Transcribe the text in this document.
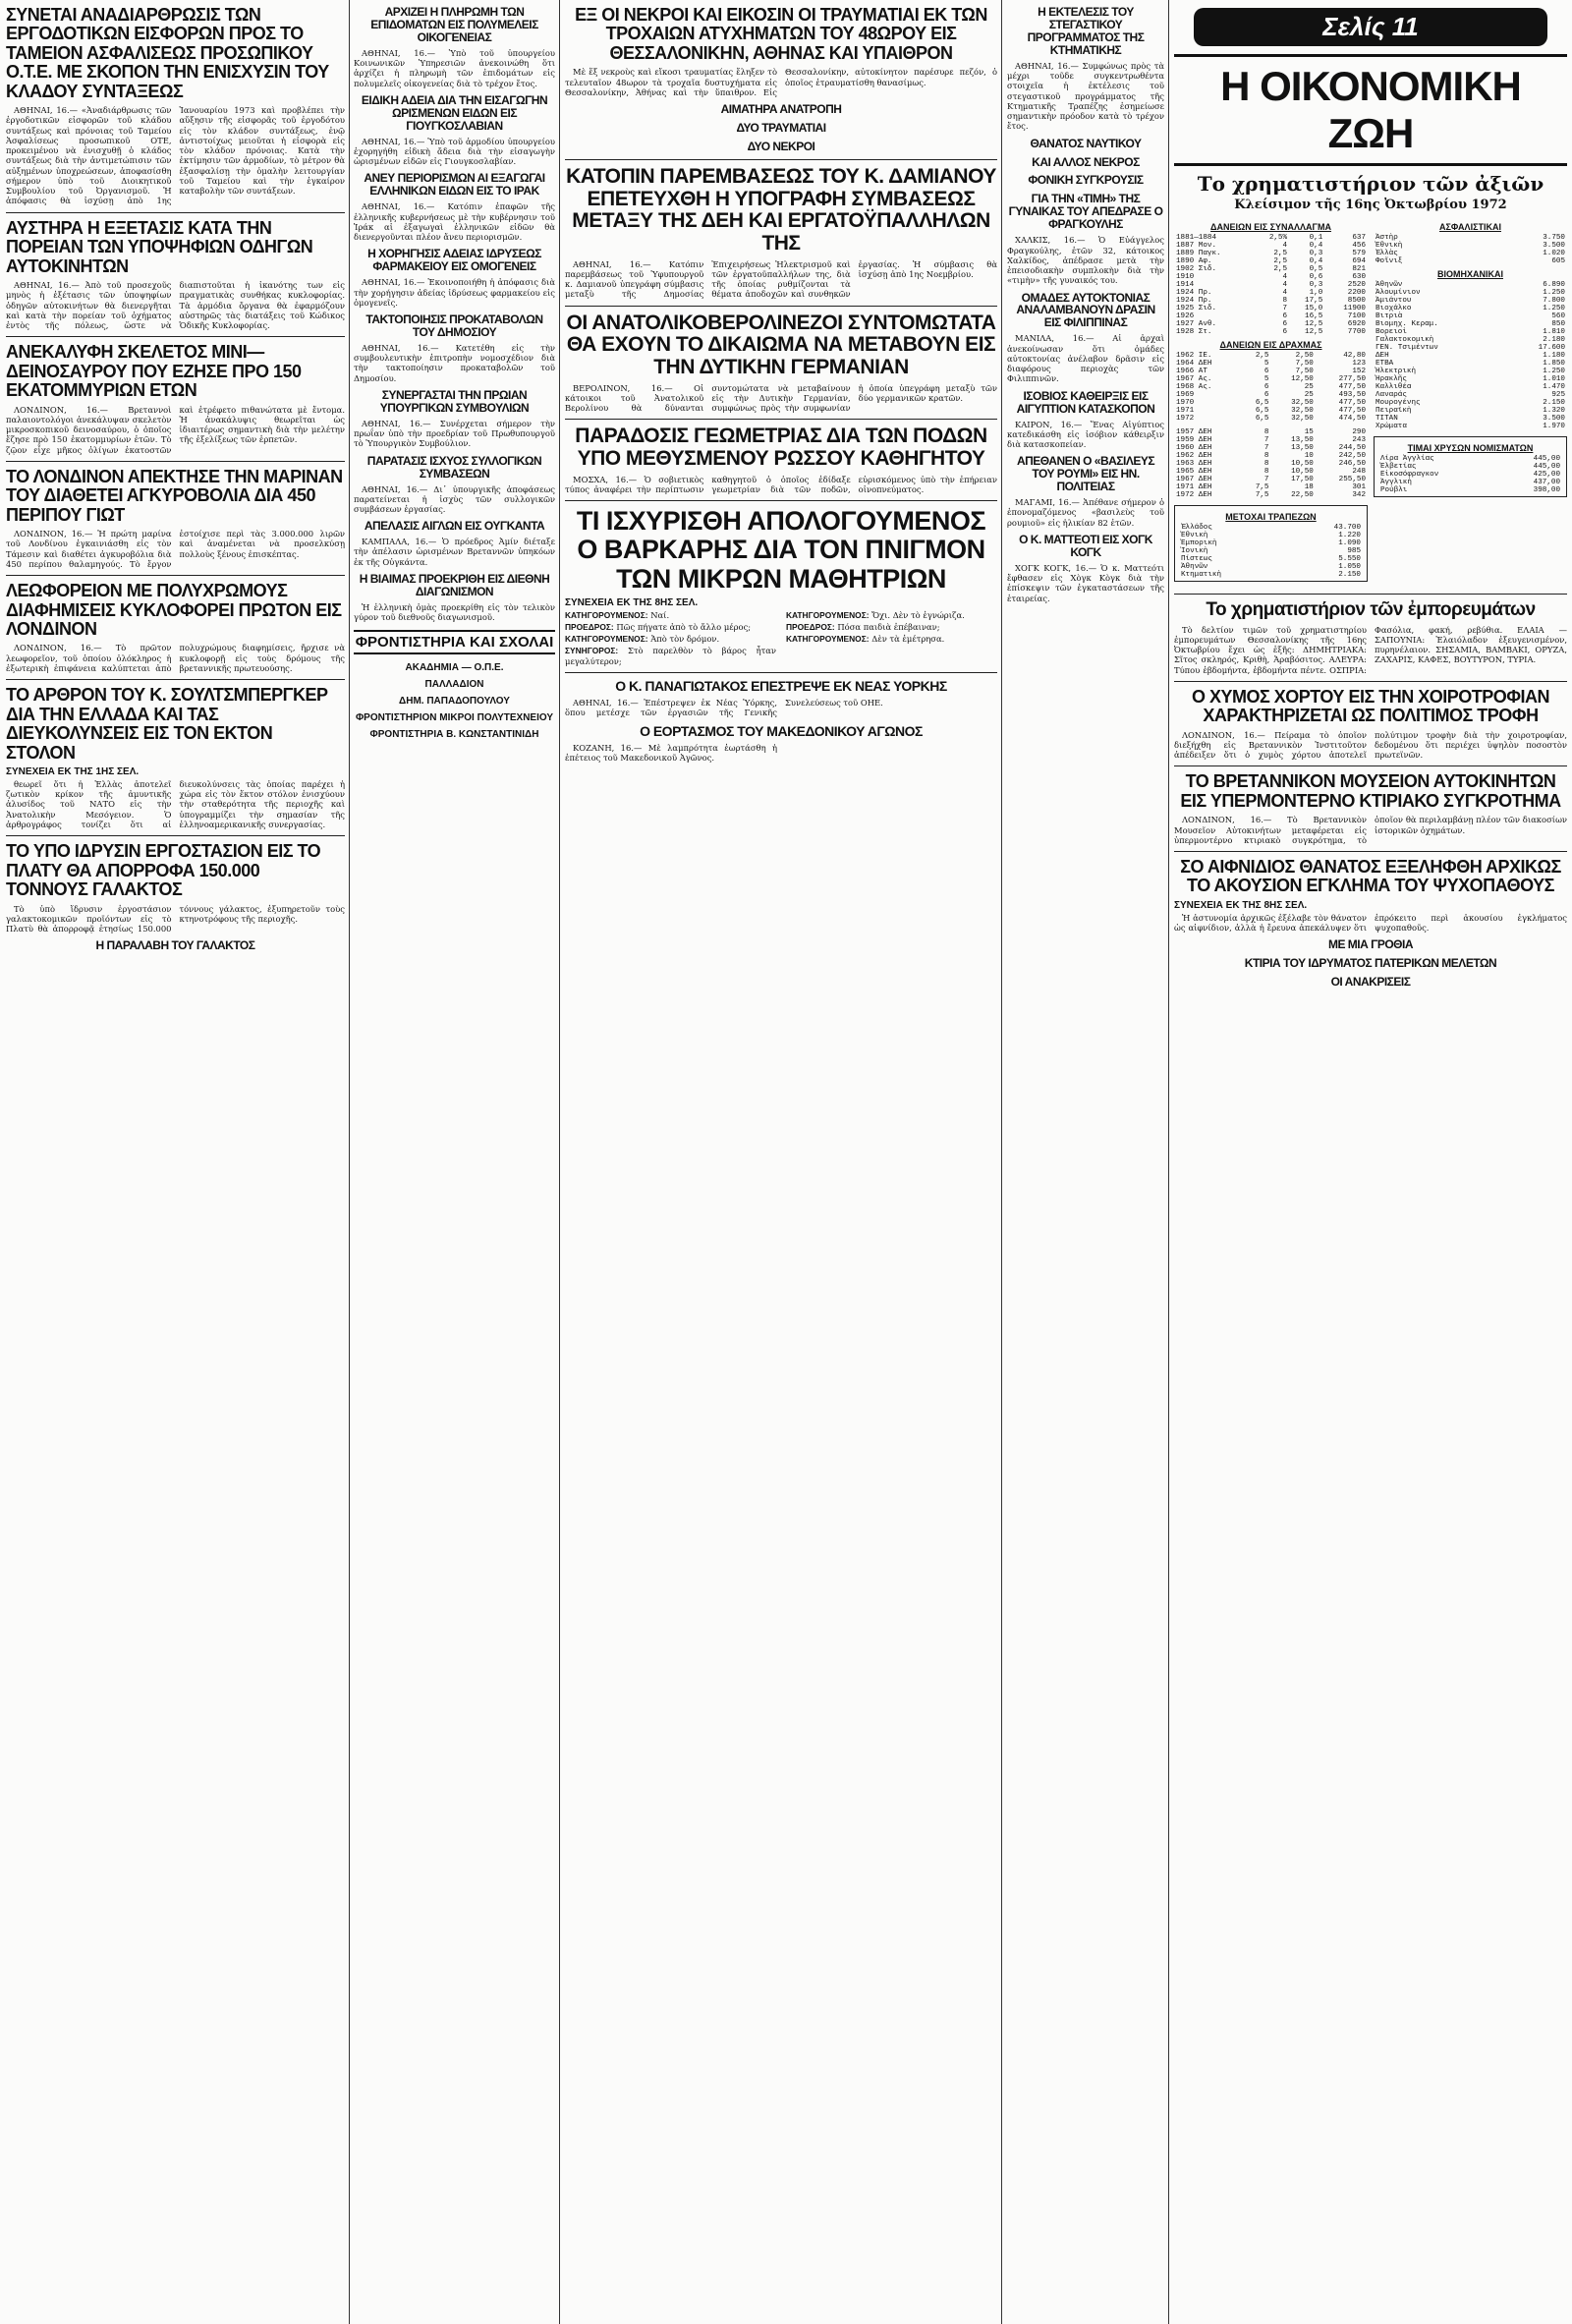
ΣΥΝΕΤΑΙ ΑΝΑΔΙΑΡΘΡΩΣΙΣ ΤΩΝ ΕΡΓΟΔΟΤΙΚΩΝ ΕΙΣΦΟΡΩΝ ΠΡΟΣ ΤΟ ΤΑΜΕΙΟΝ ΑΣΦΑΛΙΣΕΩΣ ΠΡΟΣΩΠΙΚΟΥ Ο.Τ.Ε. ΜΕ ΣΚΟΠΟΝ ΤΗΝ ΕΝΙΣΧΥΣΙΝ ΤΟΥ ΚΛΑΔΟΥ ΣΥΝΤΑΞΕΩΣ

ΑΘΗΝΑΙ, 16.— «Ἀναδιάρθρωσις τῶν ἐργοδοτικῶν εἰσφορῶν τοῦ κλάδου συντάξεως καὶ πρόνοιας τοῦ Ταμείου Ἀσφαλίσεως προσωπικοῦ ΟΤΕ, προκειμένου νὰ ἐνισχυθῇ ὁ κλάδος συντάξεως διὰ τὴν ἀντιμετώπισιν τῶν αὐξημένων ὑποχρεώσεων, ἀποφασίσθη σήμερον ὑπὸ τοῦ Διοικητικοῦ Συμβουλίου τοῦ Ὀργανισμοῦ. Ἡ ἀπόφασις θὰ ἰσχύσῃ ἀπὸ 1ης Ἰανουαρίου 1973 καὶ προβλέπει τὴν αὔξησιν τῆς εἰσφορᾶς τοῦ ἐργοδότου εἰς τὸν κλάδον συντάξεως, ἐνῷ ἀντιστοίχως μειοῦται ἡ εἰσφορὰ εἰς τὸν κλάδον πρόνοιας. Κατὰ τὴν ἐκτίμησιν τῶν ἁρμοδίων, τὸ μέτρον θὰ ἐξασφαλίσῃ τὴν ὁμαλὴν λειτουργίαν τοῦ Ταμείου καὶ τὴν ἐγκαίρον καταβολὴν τῶν συντάξεων.

ΑΥΣΤΗΡΑ Η ΕΞΕΤΑΣΙΣ ΚΑΤΑ ΤΗΝ ΠΟΡΕΙΑΝ ΤΩΝ ΥΠΟΨΗΦΙΩΝ ΟΔΗΓΩΝ ΑΥΤΟΚΙΝΗΤΩΝ

ΑΘΗΝΑΙ, 16.— Ἀπὸ τοῦ προσεχοῦς μηνὸς ἡ ἐξέτασις τῶν ὑποψηφίων ὁδηγῶν αὐτοκινήτων θὰ διενεργῆται καὶ κατὰ τὴν πορείαν τοῦ ὀχήματος ἐντὸς τῆς πόλεως, ὥστε νὰ διαπιστοῦται ἡ ἱκανότης των εἰς πραγματικὰς συνθήκας κυκλοφορίας. Τὰ ἀρμόδια ὄργανα θὰ ἐφαρμόζουν αὐστηρῶς τὰς διατάξεις τοῦ Κώδικος Ὁδικῆς Κυκλοφορίας.

ΑΝΕΚΑΛΥΦΗ ΣΚΕΛΕΤΟΣ ΜΙΝΙ—ΔΕΙΝΟΣΑΥΡΟΥ ΠΟΥ ΕΖΗΣΕ ΠΡΟ 150 ΕΚΑΤΟΜΜΥΡΙΩΝ ΕΤΩΝ

ΛΟΝΔΙΝΟΝ, 16.— Βρεταννοὶ παλαιοντολόγοι ἀνεκάλυψαν σκελετὸν μικροσκοπικοῦ δεινοσαύρου, ὁ ὁποῖος ἔζησε πρὸ 150 ἑκατομμυρίων ἐτῶν. Τὸ ζῷον εἶχε μῆκος ὀλίγων ἑκατοστῶν καὶ ἐτρέφετο πιθανώτατα μὲ ἔντομα. Ἡ ἀνακάλυψις θεωρεῖται ὡς ἰδιαιτέρως σημαντικὴ διὰ τὴν μελέτην τῆς ἐξελίξεως τῶν ἑρπετῶν.

ΤΟ ΛΟΝΔΙΝΟΝ ΑΠΕΚΤΗΣΕ ΤΗΝ ΜΑΡΙΝΑΝ ΤΟΥ ΔΙΑΘΕΤΕΙ ΑΓΚΥΡΟΒΟΛΙΑ ΔΙΑ 450 ΠΕΡΙΠΟΥ ΓΙΩΤ

ΛΟΝΔΙΝΟΝ, 16.— Ἡ πρώτη μαρίνα τοῦ Λονδίνου ἐγκαινιάσθη εἰς τὸν Τάμεσιν καὶ διαθέτει ἀγκυροβόλια διὰ 450 περίπου θαλαμηγούς. Τὸ ἔργον ἐστοίχισε περὶ τὰς 3.000.000 λιρῶν καὶ ἀναμένεται νὰ προσελκύσῃ πολλοὺς ξένους ἐπισκέπτας.

ΛΕΩΦΟΡΕΙΟΝ ΜΕ ΠΟΛΥΧΡΩΜΟΥΣ ΔΙΑΦΗΜΙΣΕΙΣ ΚΥΚΛΟΦΟΡΕΙ ΠΡΩΤΟΝ ΕΙΣ ΛΟΝΔΙΝΟΝ

ΛΟΝΔΙΝΟΝ, 16.— Τὸ πρῶτον λεωφορεῖον, τοῦ ὁποίου ὁλόκληρος ἡ ἐξωτερικὴ ἐπιφάνεια καλύπτεται ἀπὸ πολυχρώμους διαφημίσεις, ἤρχισε νὰ κυκλοφορῇ εἰς τοὺς δρόμους τῆς βρεταννικῆς πρωτευούσης.

ΤΟ ΑΡΘΡΟΝ ΤΟΥ Κ. ΣΟΥΛΤΣΜΠΕΡΓΚΕΡ ΔΙΑ ΤΗΝ ΕΛΛΑΔΑ ΚΑΙ ΤΑΣ ΔΙΕΥΚΟΛΥΝΣΕΙΣ ΕΙΣ ΤΟΝ ΕΚΤΟΝ ΣΤΟΛΟΝ
ΣΥΝΕΧΕΙΑ ΕΚ ΤΗΣ 1ΗΣ ΣΕΛ.

θεωρεῖ ὅτι ἡ Ἑλλὰς ἀποτελεῖ ζωτικὸν κρίκον τῆς ἀμυντικῆς ἀλυσίδος τοῦ ΝΑΤΟ εἰς τὴν Ἀνατολικὴν Μεσόγειον. Ὁ ἀρθρογράφος τονίζει ὅτι αἱ διευκολύνσεις τὰς ὁποίας παρέχει ἡ χώρα εἰς τὸν ἕκτον στόλον ἐνισχύουν τὴν σταθερότητα τῆς περιοχῆς καὶ ὑπογραμμίζει τὴν σημασίαν τῆς ἑλληνοαμερικανικῆς συνεργασίας.

ΤΟ ΥΠΟ ΙΔΡΥΣΙΝ ΕΡΓΟΣΤΑΣΙΟΝ ΕΙΣ ΤΟ ΠΛΑΤΥ ΘΑ ΑΠΟΡΡΟΦΑ 150.000 ΤΟΝΝΟΥΣ ΓΑΛΑΚΤΟΣ

Τὸ ὑπὸ ἵδρυσιν ἐργοστάσιον γαλακτοκομικῶν προϊόντων εἰς τὸ Πλατὺ θὰ ἀπορροφᾷ ἐτησίως 150.000 τόννους γάλακτος, ἐξυπηρετοῦν τοὺς κτηνοτρόφους τῆς περιοχῆς.

Η ΠΑΡΑΛΑΒΗ ΤΟΥ ΓΑΛΑΚΤΟΣ
ΑΡΧΙΖΕΙ Η ΠΛΗΡΩΜΗ ΤΩΝ ΕΠΙΔΟΜΑΤΩΝ ΕΙΣ ΠΟΛΥΜΕΛΕΙΣ ΟΙΚΟΓΕΝΕΙΑΣ

ΑΘΗΝΑΙ, 16.— Ὑπὸ τοῦ ὑπουργείου Κοινωνικῶν Ὑπηρεσιῶν ἀνεκοινώθη ὅτι ἀρχίζει ἡ πληρωμὴ τῶν ἐπιδομάτων εἰς πολυμελεῖς οἰκογενείας διὰ τὸ τρέχον ἔτος.

ΕΙΔΙΚΗ ΑΔΕΙΑ ΔΙΑ ΤΗΝ ΕΙΣΑΓΩΓΗΝ ΩΡΙΣΜΕΝΩΝ ΕΙΔΩΝ ΕΙΣ ΓΙΟΥΓΚΟΣΛΑΒΙΑΝ

ΑΘΗΝΑΙ, 16.— Ὑπὸ τοῦ ἀρμοδίου ὑπουργείου ἐχορηγήθη εἰδικὴ ἄδεια διὰ τὴν εἰσαγωγὴν ὡρισμένων εἰδῶν εἰς Γιουγκοσλαβίαν.

ΑΝΕΥ ΠΕΡΙΟΡΙΣΜΩΝ ΑΙ ΕΞΑΓΩΓΑΙ ΕΛΛΗΝΙΚΩΝ ΕΙΔΩΝ ΕΙΣ ΤΟ ΙΡΑΚ

ΑΘΗΝΑΙ, 16.— Κατόπιν ἐπαφῶν τῆς ἑλληνικῆς κυβερνήσεως μὲ τὴν κυβέρνησιν τοῦ Ἰράκ αἱ ἐξαγωγαὶ ἑλληνικῶν εἰδῶν θὰ διενεργοῦνται πλέον ἄνευ περιορισμῶν.

Η ΧΟΡΗΓΗΣΙΣ ΑΔΕΙΑΣ ΙΔΡΥΣΕΩΣ ΦΑΡΜΑΚΕΙΟΥ ΕΙΣ ΟΜΟΓΕΝΕΙΣ

ΑΘΗΝΑΙ, 16.— Ἐκοινοποιήθη ἡ ἀπόφασις διὰ τὴν χορήγησιν ἀδείας ἱδρύσεως φαρμακείου εἰς ὁμογενεῖς.

ΤΑΚΤΟΠΟΙΗΣΙΣ ΠΡΟΚΑΤΑΒΟΛΩΝ ΤΟΥ ΔΗΜΟΣΙΟΥ

ΑΘΗΝΑΙ, 16.— Κατετέθη εἰς τὴν συμβουλευτικὴν ἐπιτροπὴν νομοσχέδιον διὰ τὴν τακτοποίησιν προκαταβολῶν τοῦ Δημοσίου.

ΣΥΝΕΡΓΑΣΤΑΙ ΤΗΝ ΠΡΩΙΑΝ ΥΠΟΥΡΓΙΚΩΝ ΣΥΜΒΟΥΛΙΩΝ

ΑΘΗΝΑΙ, 16.— Συνέρχεται σήμερον τὴν πρωΐαν ὑπὸ τὴν προεδρίαν τοῦ Πρωθυπουργοῦ τὸ Ὑπουργικὸν Συμβούλιον.

ΠΑΡΑΤΑΣΙΣ ΙΣΧΥΟΣ ΣΥΛΛΟΓΙΚΩΝ ΣΥΜΒΑΣΕΩΝ

ΑΘΗΝΑΙ, 16.— Δι᾽ ὑπουργικῆς ἀποφάσεως παρατείνεται ἡ ἰσχὺς τῶν συλλογικῶν συμβάσεων ἐργασίας.

ΑΠΕΛΑΣΙΣ ΑΙΓΛΩΝ ΕΙΣ ΟΥΓΚΑΝΤΑ

ΚΑΜΠΑΛΑ, 16.— Ὁ πρόεδρος Ἀμίν διέταξε τὴν ἀπέλασιν ὡρισμένων Βρεταννῶν ὑπηκόων ἐκ τῆς Οὐγκάντα.

Η ΒΙΑΙΜΑΣ ΠΡΟΕΚΡΙΘΗ ΕΙΣ ΔΙΕΘΝΗ ΔΙΑΓΩΝΙΣΜΟΝ

Ἡ ἑλληνικὴ ὁμὰς προεκρίθη εἰς τὸν τελικὸν γύρον τοῦ διεθνοῦς διαγωνισμοῦ.

ΦΡΟΝΤΙΣΤΗΡΙΑ ΚΑΙ ΣΧΟΛΑΙ
ΑΚΑΔΗΜΙΑ — Ο.Π.Ε.
ΠΑΛΛΑΔΙΟΝ
ΔΗΜ. ΠΑΠΑΔΟΠΟΥΛΟΥ
ΦΡΟΝΤΙΣΤΗΡΙΟΝ ΜΙΚΡΟΙ ΠΟΛΥΤΕΧΝΕΙΟΥ
ΦΡΟΝΤΙΣΤΗΡΙΑ Β. ΚΩΝΣΤΑΝΤΙΝΙΔΗ
ΕΞ ΟΙ ΝΕΚΡΟΙ ΚΑΙ ΕΙΚΟΣΙΝ ΟΙ ΤΡΑΥΜΑΤΙΑΙ ΕΚ ΤΩΝ ΤΡΟΧΑΙΩΝ ΑΤΥΧΗΜΑΤΩΝ ΤΟΥ 48ΩΡΟΥ ΕΙΣ ΘΕΣΣΑΛΟΝΙΚΗΝ, ΑΘΗΝΑΣ ΚΑΙ ΥΠΑΙΘΡΟΝ

Μὲ ἕξ νεκροὺς καὶ εἴκοσι τραυματίας ἔληξεν τὸ τελευταῖον 48ωρον τὰ τροχαῖα δυστυχήματα εἰς Θεσσαλονίκην, Ἀθήνας καὶ τὴν ὕπαιθρον. Εἰς Θεσσαλονίκην, αὐτοκίνητον παρέσυρε πεζόν, ὁ ὁποῖος ἐτραυματίσθη θανασίμως.

ΑΙΜΑΤΗΡΑ ΑΝΑΤΡΟΠΗ
ΔΥΟ ΤΡΑΥΜΑΤΙΑΙ
ΔΥΟ ΝΕΚΡΟΙ
ΚΑΤΟΠΙΝ ΠΑΡΕΜΒΑΣΕΩΣ ΤΟΥ Κ. ΔΑΜΙΑΝΟΥ ΕΠΕΤΕΥΧΘΗ Η ΥΠΟΓΡΑΦΗ ΣΥΜΒΑΣΕΩΣ ΜΕΤΑΞΥ ΤΗΣ ΔΕΗ ΚΑΙ ΕΡΓΑΤΟΫΠΑΛΛΗΛΩΝ ΤΗΣ

ΑΘΗΝΑΙ, 16.— Κατόπιν παρεμβάσεως τοῦ Ὑφυπουργοῦ κ. Δαμιανοῦ ὑπεγράφη σύμβασις μεταξὺ τῆς Δημοσίας Ἐπιχειρήσεως Ἠλεκτρισμοῦ καὶ τῶν ἐργατοϋπαλλήλων της, διὰ τῆς ὁποίας ρυθμίζονται τὰ θέματα ἀποδοχῶν καὶ συνθηκῶν ἐργασίας. Ἡ σύμβασις θὰ ἰσχύσῃ ἀπὸ 1ης Νοεμβρίου.

ΟΙ ΑΝΑΤΟΛΙΚΟΒΕΡΟΛΙΝΕΖΟΙ ΣΥΝΤΟΜΩΤΑΤΑ ΘΑ ΕΧΟΥΝ ΤΟ ΔΙΚΑΙΩΜΑ ΝΑ ΜΕΤΑΒΟΥΝ ΕΙΣ ΤΗΝ ΔΥΤΙΚΗΝ ΓΕΡΜΑΝΙΑΝ

ΒΕΡΟΛΙΝΟΝ, 16.— Οἱ κάτοικοι τοῦ Ἀνατολικοῦ Βερολίνου θὰ δύνανται συντομώτατα νὰ μεταβαίνουν εἰς τὴν Δυτικὴν Γερμανίαν, συμφώνως πρὸς τὴν συμφωνίαν ἡ ὁποία ὑπεγράφη μεταξὺ τῶν δύο γερμανικῶν κρατῶν.

ΠΑΡΑΔΟΣΙΣ ΓΕΩΜΕΤΡΙΑΣ ΔΙΑ ΤΩΝ ΠΟΔΩΝ ΥΠΟ ΜΕΘΥΣΜΕΝΟΥ ΡΩΣΣΟΥ ΚΑΘΗΓΗΤΟΥ

ΜΟΣΧΑ, 16.— Ὁ σοβιετικὸς τύπος ἀναφέρει τὴν περίπτωσιν καθηγητοῦ ὁ ὁποῖος ἐδίδαξε γεωμετρίαν διὰ τῶν ποδῶν, εὑρισκόμενος ὑπὸ τὴν ἐπήρειαν οἰνοπνεύματος.

ΤΙ ΙΣΧΥΡΙΣΘΗ ΑΠΟΛΟΓΟΥΜΕΝΟΣ Ο ΒΑΡΚΑΡΗΣ ΔΙΑ ΤΟΝ ΠΝΙΓΜΟΝ ΤΩΝ ΜΙΚΡΩΝ ΜΑΘΗΤΡΙΩΝ
ΣΥΝΕΧΕΙΑ ΕΚ ΤΗΣ 8ΗΣ ΣΕΛ.

ΚΑΤΗΓΟΡΟΥΜΕΝΟΣ: Ναί.

ΠΡΟΕΔΡΟΣ: Πῶς πήγατε ἀπὸ τὸ ἄλλο μέρος;

ΚΑΤΗΓΟΡΟΥΜΕΝΟΣ: Ἀπὸ τὸν δρόμον.

ΣΥΝΗΓΟΡΟΣ: Στὸ παρελθὸν τὸ βάρος ἦταν μεγαλύτερον;

ΚΑΤΗΓΟΡΟΥΜΕΝΟΣ: Ὄχι. Δὲν τὸ ἐγνώριζα.

ΠΡΟΕΔΡΟΣ: Πόσα παιδιὰ ἐπέβαιναν;

ΚΑΤΗΓΟΡΟΥΜΕΝΟΣ: Δὲν τὰ ἐμέτρησα.

Ο Κ. ΠΑΝΑΓΙΩΤΑΚΟΣ ΕΠΕΣΤΡΕΨΕ ΕΚ ΝΕΑΣ ΥΟΡΚΗΣ

ΑΘΗΝΑΙ, 16.— Ἐπέστρεψεν ἐκ Νέας Ὑόρκης, ὅπου μετέσχε τῶν ἐργασιῶν τῆς Γενικῆς Συνελεύσεως τοῦ ΟΗΕ.

Ο ΕΟΡΤΑΣΜΟΣ ΤΟΥ ΜΑΚΕΔΟΝΙΚΟΥ ΑΓΩΝΟΣ

ΚΟΖΑΝΗ, 16.— Μὲ λαμπρότητα ἑωρτάσθη ἡ ἐπέτειος τοῦ Μακεδονικοῦ Ἀγῶνος.

Η ΕΚΤΕΛΕΣΙΣ ΤΟΥ ΣΤΕΓΑΣΤΙΚΟΥ ΠΡΟΓΡΑΜΜΑΤΟΣ ΤΗΣ ΚΤΗΜΑΤΙΚΗΣ

ΑΘΗΝΑΙ, 16.— Συμφώνως πρὸς τὰ μέχρι τοῦδε συγκεντρωθέντα στοιχεῖα ἡ ἐκτέλεσις τοῦ στεγαστικοῦ προγράμματος τῆς Κτηματικῆς Τραπέζης ἐσημείωσε σημαντικὴν πρόοδον κατὰ τὸ τρέχον ἔτος.

ΘΑΝΑΤΟΣ ΝΑΥΤΙΚΟΥ
ΚΑΙ ΑΛΛΟΣ ΝΕΚΡΟΣ
ΦΟΝΙΚΗ ΣΥΓΚΡΟΥΣΙΣ
ΓΙΑ ΤΗΝ «ΤΙΜΗ» ΤΗΣ ΓΥΝΑΙΚΑΣ ΤΟΥ ΑΠΕΔΡΑΣΕ Ο ΦΡΑΓΚΟΥΛΗΣ

ΧΑΛΚΙΣ, 16.— Ὁ Εὐάγγελος Φραγκούλης, ἐτῶν 32, κάτοικος Χαλκίδος, ἀπέδρασε μετὰ τὴν ἐπεισοδιακὴν συμπλοκὴν διὰ τὴν «τιμὴν» τῆς γυναικός του.

ΟΜΑΔΕΣ ΑΥΤΟΚΤΟΝΙΑΣ ΑΝΑΛΑΜΒΑΝΟΥΝ ΔΡΑΣΙΝ ΕΙΣ ΦΙΛΙΠΠΙΝΑΣ

ΜΑΝΙΛΑ, 16.— Αἱ ἀρχαὶ ἀνεκοίνωσαν ὅτι ὁμάδες αὐτοκτονίας ἀνέλαβον δρᾶσιν εἰς διαφόρους περιοχὰς τῶν Φιλιππινῶν.

ΙΣΟΒΙΟΣ ΚΑΘΕΙΡΞΙΣ ΕΙΣ ΑΙΓΥΠΤΙΟΝ ΚΑΤΑΣΚΟΠΟΝ

ΚΑΙΡΟΝ, 16.— Ἕνας Αἰγύπτιος κατεδικάσθη εἰς ἰσόβιον κάθειρξιν διὰ κατασκοπείαν.

ΑΠΕΘΑΝΕΝ Ο «ΒΑΣΙΛΕΥΣ ΤΟΥ ΡΟΥΜΙ» ΕΙΣ ΗΝ. ΠΟΛΙΤΕΙΑΣ

ΜΑΓΑΜΙ, 16.— Ἀπέθανε σήμερον ὁ ἐπονομαζόμενος «βασιλεὺς τοῦ ρουμιοῦ» εἰς ἡλικίαν 82 ἐτῶν.

Ο Κ. ΜΑΤΤΕΟΤΙ ΕΙΣ ΧΟΓΚ ΚΟΓΚ

ΧΟΓΚ ΚΟΓΚ, 16.— Ὁ κ. Ματτεότι ἔφθασεν εἰς Χὸγκ Κὸγκ διὰ τὴν ἐπίσκεψιν τῶν ἐγκαταστάσεων τῆς ἑταιρείας.

Σελίς 11
Η ΟΙΚΟΝΟΜΙΚΗ ΖΩΗ
Το χρηματιστήριον τῶν ἀξιῶν
Κλείσιμον τῆς 16ης Ὀκτωβρίου 1972
ΔΑΝΕΙΩΝ ΕΙΣ ΣΥΝΑΛΛΑΓΜΑ
1881—1884	2,5%	0,1	637
1887 Μον.	4	0,4	456
1889 Παγκ.	2,5	0,3	579
1890 Αφ.	2,5	0,4	694
1902 Σιδ.	2,5	0,5	821
1910	4	0,6	630
1914	4	0,3	2520
1924 Πρ.	4	1,0	2200
1924 Πρ.	8	17,5	8500
1925 Σιδ.	7	15,0	11900
1926	6	16,5	7100
1927 Ανθ.	6	12,5	6920
1928 Στ.	6	12,5	7700
ΔΑΝΕΙΩΝ ΕΙΣ ΔΡΑΧΜΑΣ
1962 ΙΕ.	2,5	2,50	42,80
1964 ΔΕΗ	5	7,50	123
1966 ΑΤ	6	7,50	152
1967 Ας.	5	12,50	277,50
1968 Ας.	6	25	477,50
1969	6	25	493,50
1970	6,5	32,50	477,50
1971	6,5	32,50	477,50
1972	6,5	32,50	474,50
1957 ΔΕΗ	8	15	290
1959 ΔΕΗ	7	13,50	243
1960 ΔΕΗ	7	13,50	244,50
1962 ΔΕΗ	8	10	242,50
1963 ΔΕΗ	8	10,50	246,50
1965 ΔΕΗ	8	10,50	248
1967 ΔΕΗ	7	17,50	255,50
1971 ΔΕΗ	7,5	18	301
1972 ΔΕΗ	7,5	22,50	342
ΜΕΤΟΧΑΙ ΤΡΑΠΕΖΩΝ
Ἑλλάδος	43.700
Ἐθνικὴ	1.220
Ἐμπορικὴ	1.090
Ἰονικὴ	985
Πίστεως	5.550
Ἀθηνῶν	1.050
Κτηματικὴ	2.150
ΑΣΦΑΛΙΣΤΙΚΑΙ
Ἀστὴρ	3.750
Ἐθνικὴ	3.500
Ἑλλὰς	1.020
Φοῖνιξ	605
ΒΙΟΜΗΧΑΝΙΚΑΙ
Ἀθηνῶν	6.890
Ἀλουμίνιον	1.250
Ἀμιάντου	7.800
Βιοχάλκο	1.250
Βιτριὰ	560
Βιομηχ. Κεραμ.	850
Βορειοὶ	1.810
Γαλακτοκομικὴ	2.180
ΓΕΝ. Τσιμέντων	17.600
ΔΕΗ	1.180
ΕΤΒΑ	1.850
Ἠλεκτρικὴ	1.250
Ἡρακλῆς	1.010
Καλλιθέα	1.470
Λαναράς	925
Μουρογένης	2.150
Πειραϊκὴ	1.320
ΤΙΤΑΝ	3.500
Χρώματα	1.970
ΤΙΜΑΙ ΧΡΥΣΩΝ ΝΟΜΙΣΜΑΤΩΝ
Λίρα Ἀγγλίας	445,00
Ἐλβετίας	445,00
Εἰκοσόφραγκον	425,00
Ἀγγλικὴ	437,00
Ρούβλι	398,00
Το χρηματιστήριον τῶν ἐμπορευμάτων

Τὸ δελτίον τιμῶν τοῦ χρηματιστηρίου ἐμπορευμάτων Θεσσαλονίκης τῆς 16ης Ὀκτωβρίου ἔχει ὡς ἑξῆς: ΔΗΜΗΤΡΙΑΚΑ: Σῖτος σκληρός, Κριθὴ, Ἀραβόσιτος. ΑΛΕΥΡΑ: Τύπου ἑβδομήντα, ἑβδομήντα πέντε. ΟΣΠΡΙΑ: Φασόλια, φακή, ρεβύθια. ΕΛΑΙΑ — ΣΑΠΟΥΝΙΑ: Ἐλαιόλαδον ἐξευγενισμένον, πυρηνέλαιον. ΣΗΣΑΜΙΑ, ΒΑΜΒΑΚΙ, ΟΡΥΖΑ, ΖΑΧΑΡΙΣ, ΚΑΦΕΣ, ΒΟΥΤΥΡΟΝ, ΤΥΡΙΑ.

Ο ΧΥΜΟΣ ΧΟΡΤΟΥ ΕΙΣ ΤΗΝ ΧΟΙΡΟΤΡΟΦΙΑΝ ΧΑΡΑΚΤΗΡΙΖΕΤΑΙ ΩΣ ΠΟΛΙΤΙΜΟΣ ΤΡΟΦΗ

ΛΟΝΔΙΝΟΝ, 16.— Πείραμα τὸ ὁποῖον διεξήχθη εἰς Βρεταννικὸν Ἰνστιτοῦτον ἀπέδειξεν ὅτι ὁ χυμὸς χόρτου ἀποτελεῖ πολύτιμον τροφὴν διὰ τὴν χοιροτροφίαν, δεδομένου ὅτι περιέχει ὑψηλὸν ποσοστὸν πρωτεϊνῶν.

ΤΟ ΒΡΕΤΑΝΝΙΚΟΝ ΜΟΥΣΕΙΟΝ ΑΥΤΟΚΙΝΗΤΩΝ ΕΙΣ ΥΠΕΡΜΟΝΤΕΡΝΟ ΚΤΙΡΙΑΚΟ ΣΥΓΚΡΟΤΗΜΑ

ΛΟΝΔΙΝΟΝ, 16.— Τὸ Βρεταννικὸν Μουσεῖον Αὐτοκινήτων μεταφέρεται εἰς ὑπερμοντέρνο κτιριακὸ συγκρότημα, τὸ ὁποῖον θὰ περιλαμβάνῃ πλέον τῶν διακοσίων ἱστορικῶν ὀχημάτων.

ΣΟ ΑΙΦΝΙΔΙΟΣ ΘΑΝΑΤΟΣ ΕΞΕΛΗΦΘΗ ΑΡΧΙΚΩΣ ΤΟ ΑΚΟΥΣΙΟΝ ΕΓΚΛΗΜΑ ΤΟΥ ΨΥΧΟΠΑΘΟΥΣ
ΣΥΝΕΧΕΙΑ ΕΚ ΤΗΣ 8ΗΣ ΣΕΛ.

Ἡ ἀστυνομία ἀρχικῶς ἐξέλαβε τὸν θάνατον ὡς αἰφνίδιον, ἀλλὰ ἡ ἔρευνα ἀπεκάλυψεν ὅτι ἐπρόκειτο περὶ ἀκουσίου ἐγκλήματος ψυχοπαθοῦς.

ΜΕ ΜΙΑ ΓΡΟΘΙΑ
ΚΤΙΡΙΑ ΤΟΥ ΙΔΡΥΜΑΤΟΣ ΠΑΤΕΡΙΚΩΝ ΜΕΛΕΤΩΝ
ΟΙ ΑΝΑΚΡΙΣΕΙΣ
